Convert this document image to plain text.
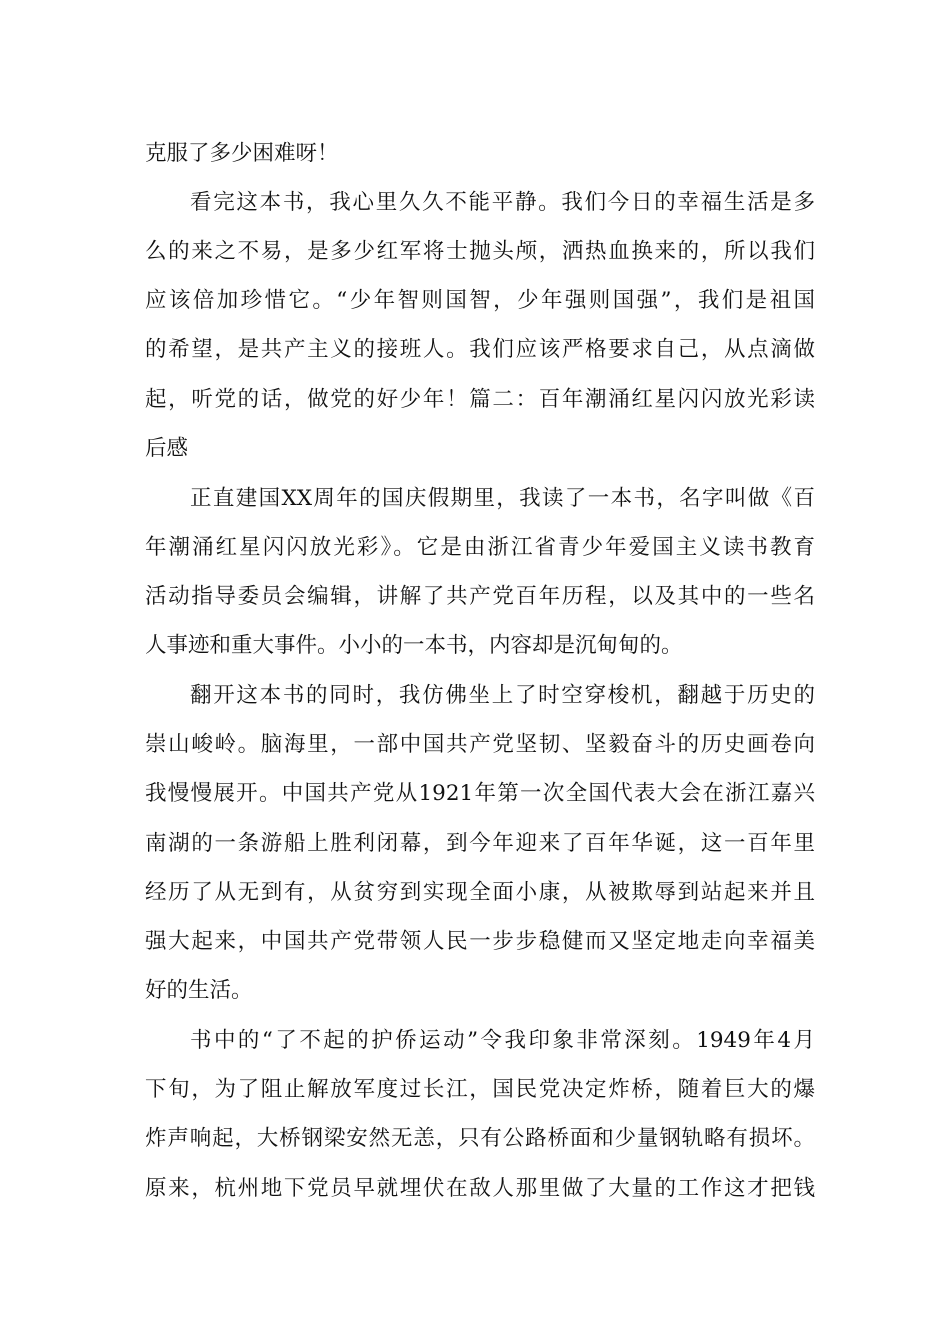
克服了多少困难呀！
看完这本书，我心里久久不能平静。我们今日的幸福生活是多
么的来之不易，是多少红军将士抛头颅，洒热血换来的，所以我们
应该倍加珍惜它。“少年智则国智，少年强则国强”，我们是祖国
的希望，是共产主义的接班人。我们应该严格要求自己，从点滴做
起，听党的话，做党的好少年！篇二：百年潮涌红星闪闪放光彩读
后感
正直建国XX周年的国庆假期里，我读了一本书，名字叫做《百
年潮涌红星闪闪放光彩》。它是由浙江省青少年爱国主义读书教育
活动指导委员会编辑，讲解了共产党百年历程，以及其中的一些名
人事迹和重大事件。小小的一本书，内容却是沉甸甸的。
翻开这本书的同时，我仿佛坐上了时空穿梭机，翻越于历史的
崇山峻岭。脑海里，一部中国共产党坚韧、坚毅奋斗的历史画卷向
我慢慢展开。中国共产党从1921年第一次全国代表大会在浙江嘉兴
南湖的一条游船上胜利闭幕，到今年迎来了百年华诞，这一百年里
经历了从无到有，从贫穷到实现全面小康，从被欺辱到站起来并且
强大起来，中国共产党带领人民一步步稳健而又坚定地走向幸福美
好的生活。
书中的“了不起的护侨运动”令我印象非常深刻。1949年4月
下旬，为了阻止解放军度过长江，国民党决定炸桥，随着巨大的爆
炸声响起，大桥钢梁安然无恙，只有公路桥面和少量钢轨略有损坏。
原来，杭州地下党员早就埋伏在敌人那里做了大量的工作这才把钱
